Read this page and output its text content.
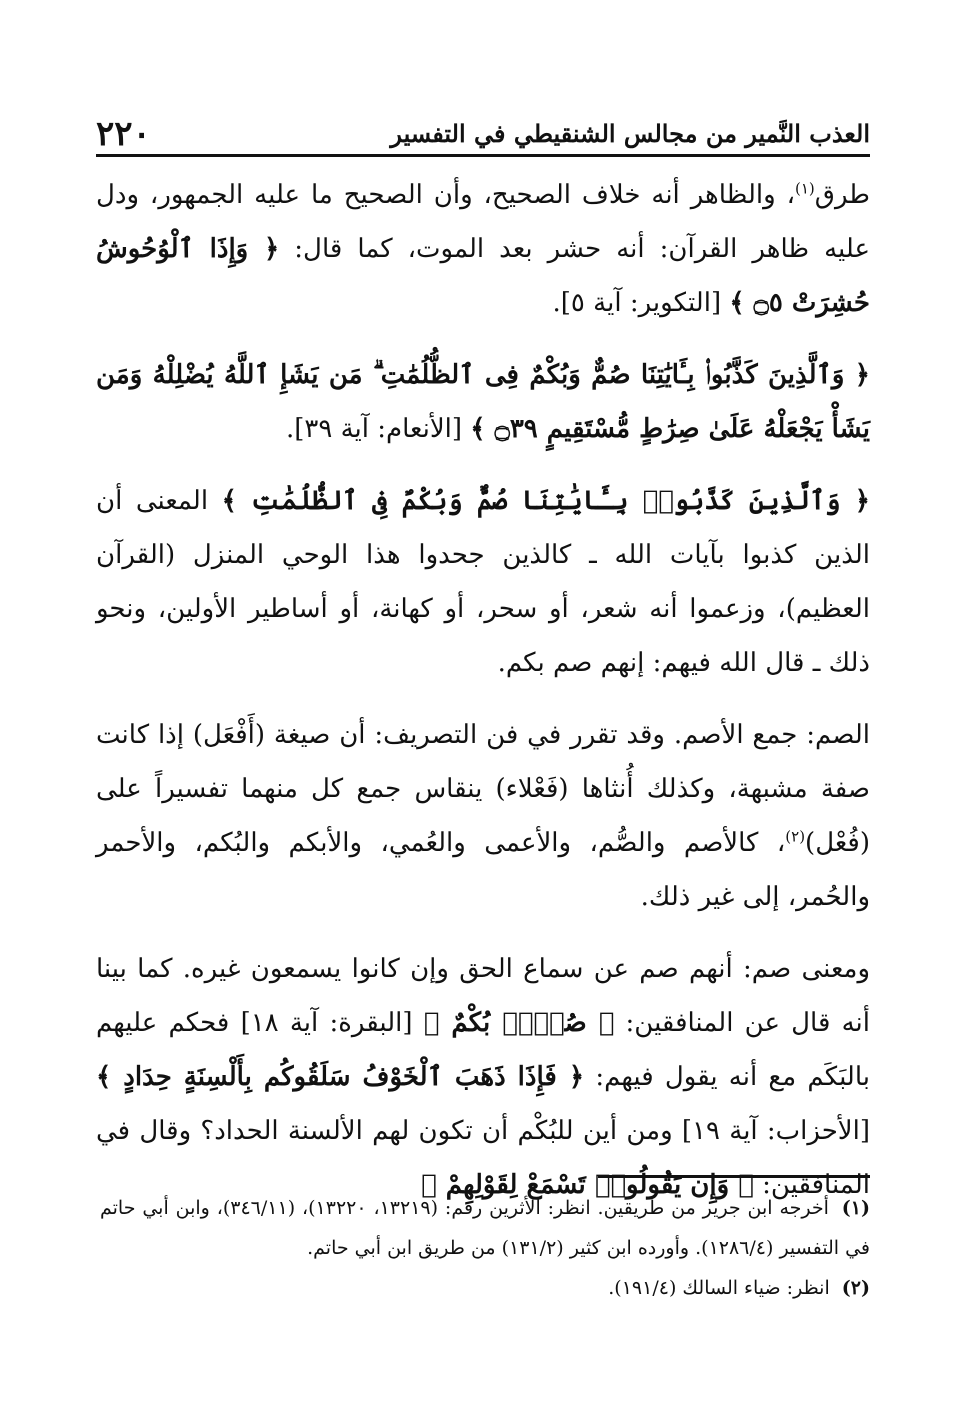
العذب النَّمير من مجالس الشنقيطي في التفسير
٢٢٠

طرق$^{(١)}$، والظاهر أنه خلاف الصحيح، وأن الصحيح ما عليه الجمهور، ودل عليه ظاهر القرآن: أنه حشر بعد الموت، كما قال: ﴿ وَإِذَا ٱلْوُحُوشُ حُشِرَتْ ۝٥ ﴾ [التكوير: آية ٥].

﴿ وَٱلَّذِينَ كَذَّبُوا۟ بِـَٔايَٰتِنَا صُمٌّ وَبُكْمٌ فِى ٱلظُّلُمَٰتِ ۗ مَن يَشَإِ ٱللَّهُ يُضْلِلْهُ وَمَن يَشَأْ يَجْعَلْهُ عَلَىٰ صِرَٰطٍ مُّسْتَقِيمٍ ۝٣٩ ﴾ [الأنعام: آية ٣٩].

﴿ وَٱلَّذِينَ كَذَّبُوا۟ بِـَٔايَٰتِنَا صُمٌّ وَبُكْمٌ فِى ٱلظُّلُمَٰتِ ﴾ المعنى أن الذين كذبوا بآيات الله ـ كالذين جحدوا هذا الوحي المنزل (القرآن العظيم)، وزعموا أنه شعر، أو سحر، أو كهانة، أو أساطير الأولين، ونحو ذلك ـ قال الله فيهم: إنهم صم بكم.

الصم: جمع الأصم. وقد تقرر في فن التصريف: أن صيغة (أَفْعَل) إذا كانت صفة مشبهة، وكذلك أُنثاها (فَعْلاء) ينقاس جمع كل منهما تفسيراً على (فُعْل)$^{(٢)}$، كالأصم والصُّم، والأعمى والعُمي، والأبكم والبُكم، والأحمر والحُمر، إلى غير ذلك.

ومعنى صم: أنهم صم عن سماع الحق وإن كانوا يسمعون غيره. كما بينا أنه قال عن المنافقين: ﴿ صُمٌّۢ بُكْمٌ ﴾ [البقرة: آية ١٨] فحكم عليهم بالبَكَم مع أنه يقول فيهم: ﴿ فَإِذَا ذَهَبَ ٱلْخَوْفُ سَلَقُوكُم بِأَلْسِنَةٍ حِدَادٍ ﴾ [الأحزاب: آية ١٩] ومن أين للبُكْم أن تكون لهم الألسنة الحداد؟ وقال في المنافقين: ﴿ وَإِن يَقُولُوا۟ تَسْمَعْ لِقَوْلِهِمْ ﴾

(١) أخرجه ابن جرير من طريقين. انظر: الأثرين رقم: (١٣٢١٩، ١٣٢٢٠)، (٣٤٦/١١)، وابن أبي حاتم في التفسير (١٢٨٦/٤). وأورده ابن كثير (١٣١/٢) من طريق ابن أبي حاتم.

(٢) انظر: ضياء السالك (١٩١/٤).
